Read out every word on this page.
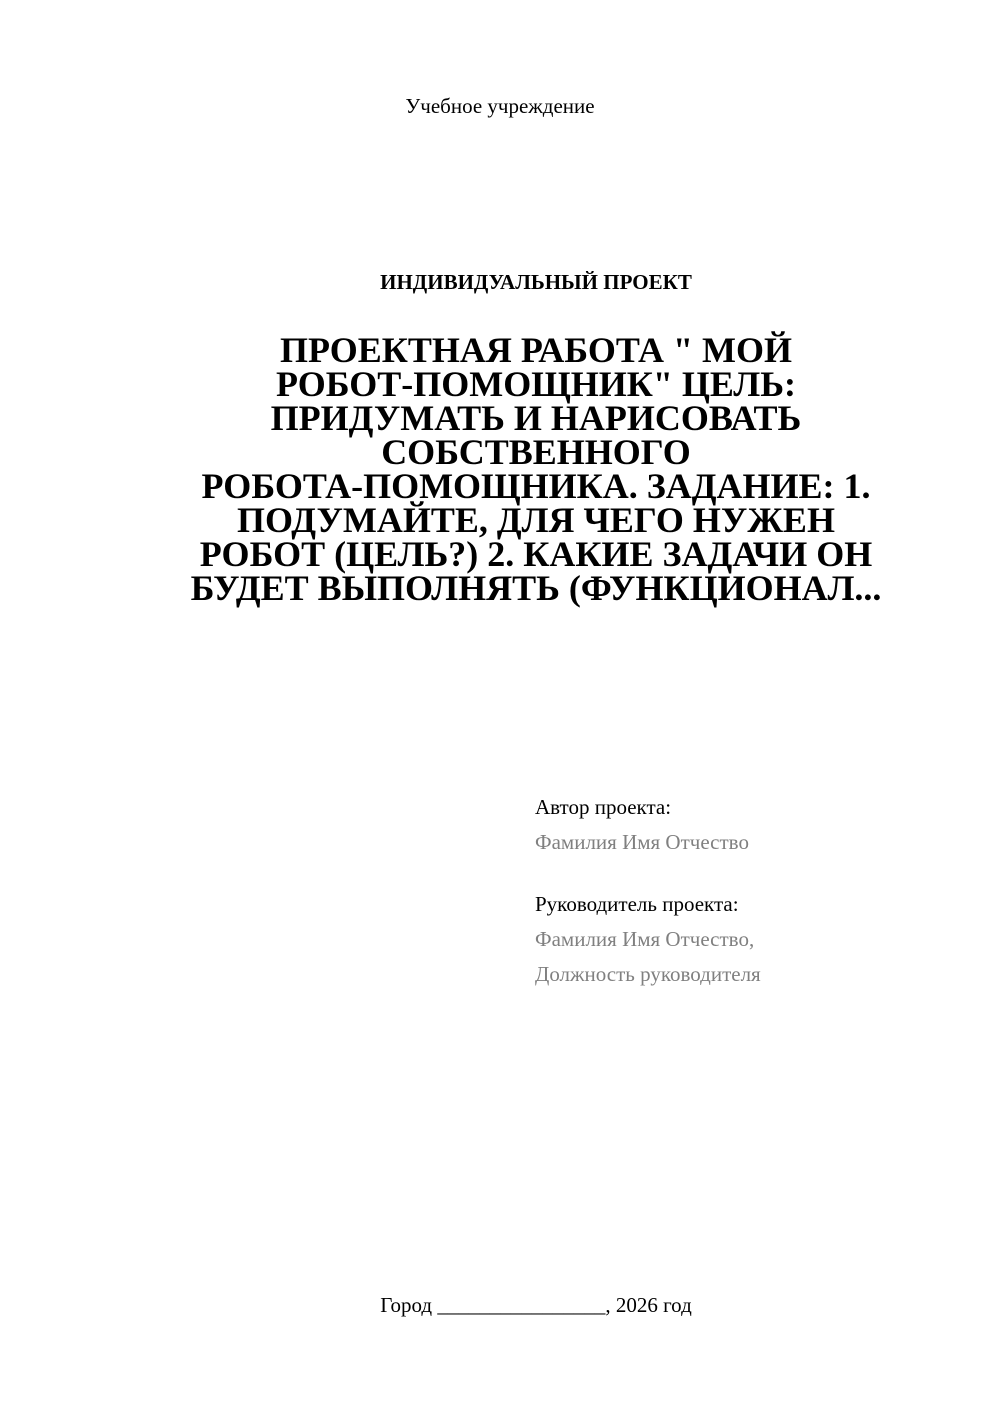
Учебное учреждение
ИНДИВИДУАЛЬНЫЙ ПРОЕКТ
ПРОЕКТНАЯ РАБОТА " МОЙ
РОБОТ-ПОМОЩНИК" ЦЕЛЬ:
ПРИДУМАТЬ И НАРИСОВАТЬ
СОБСТВЕННОГО
РОБОТА-ПОМОЩНИКА. ЗАДАНИЕ: 1.
ПОДУМАЙТЕ, ДЛЯ ЧЕГО НУЖЕН
РОБОТ (ЦЕЛЬ?) 2. КАКИЕ ЗАДАЧИ ОН
БУДЕТ ВЫПОЛНЯТЬ (ФУНКЦИОНАЛ...
Автор проекта:
Фамилия Имя Отчество
Руководитель проекта:
Фамилия Имя Отчество,
Должность руководителя
Город ________________, 2026 год
